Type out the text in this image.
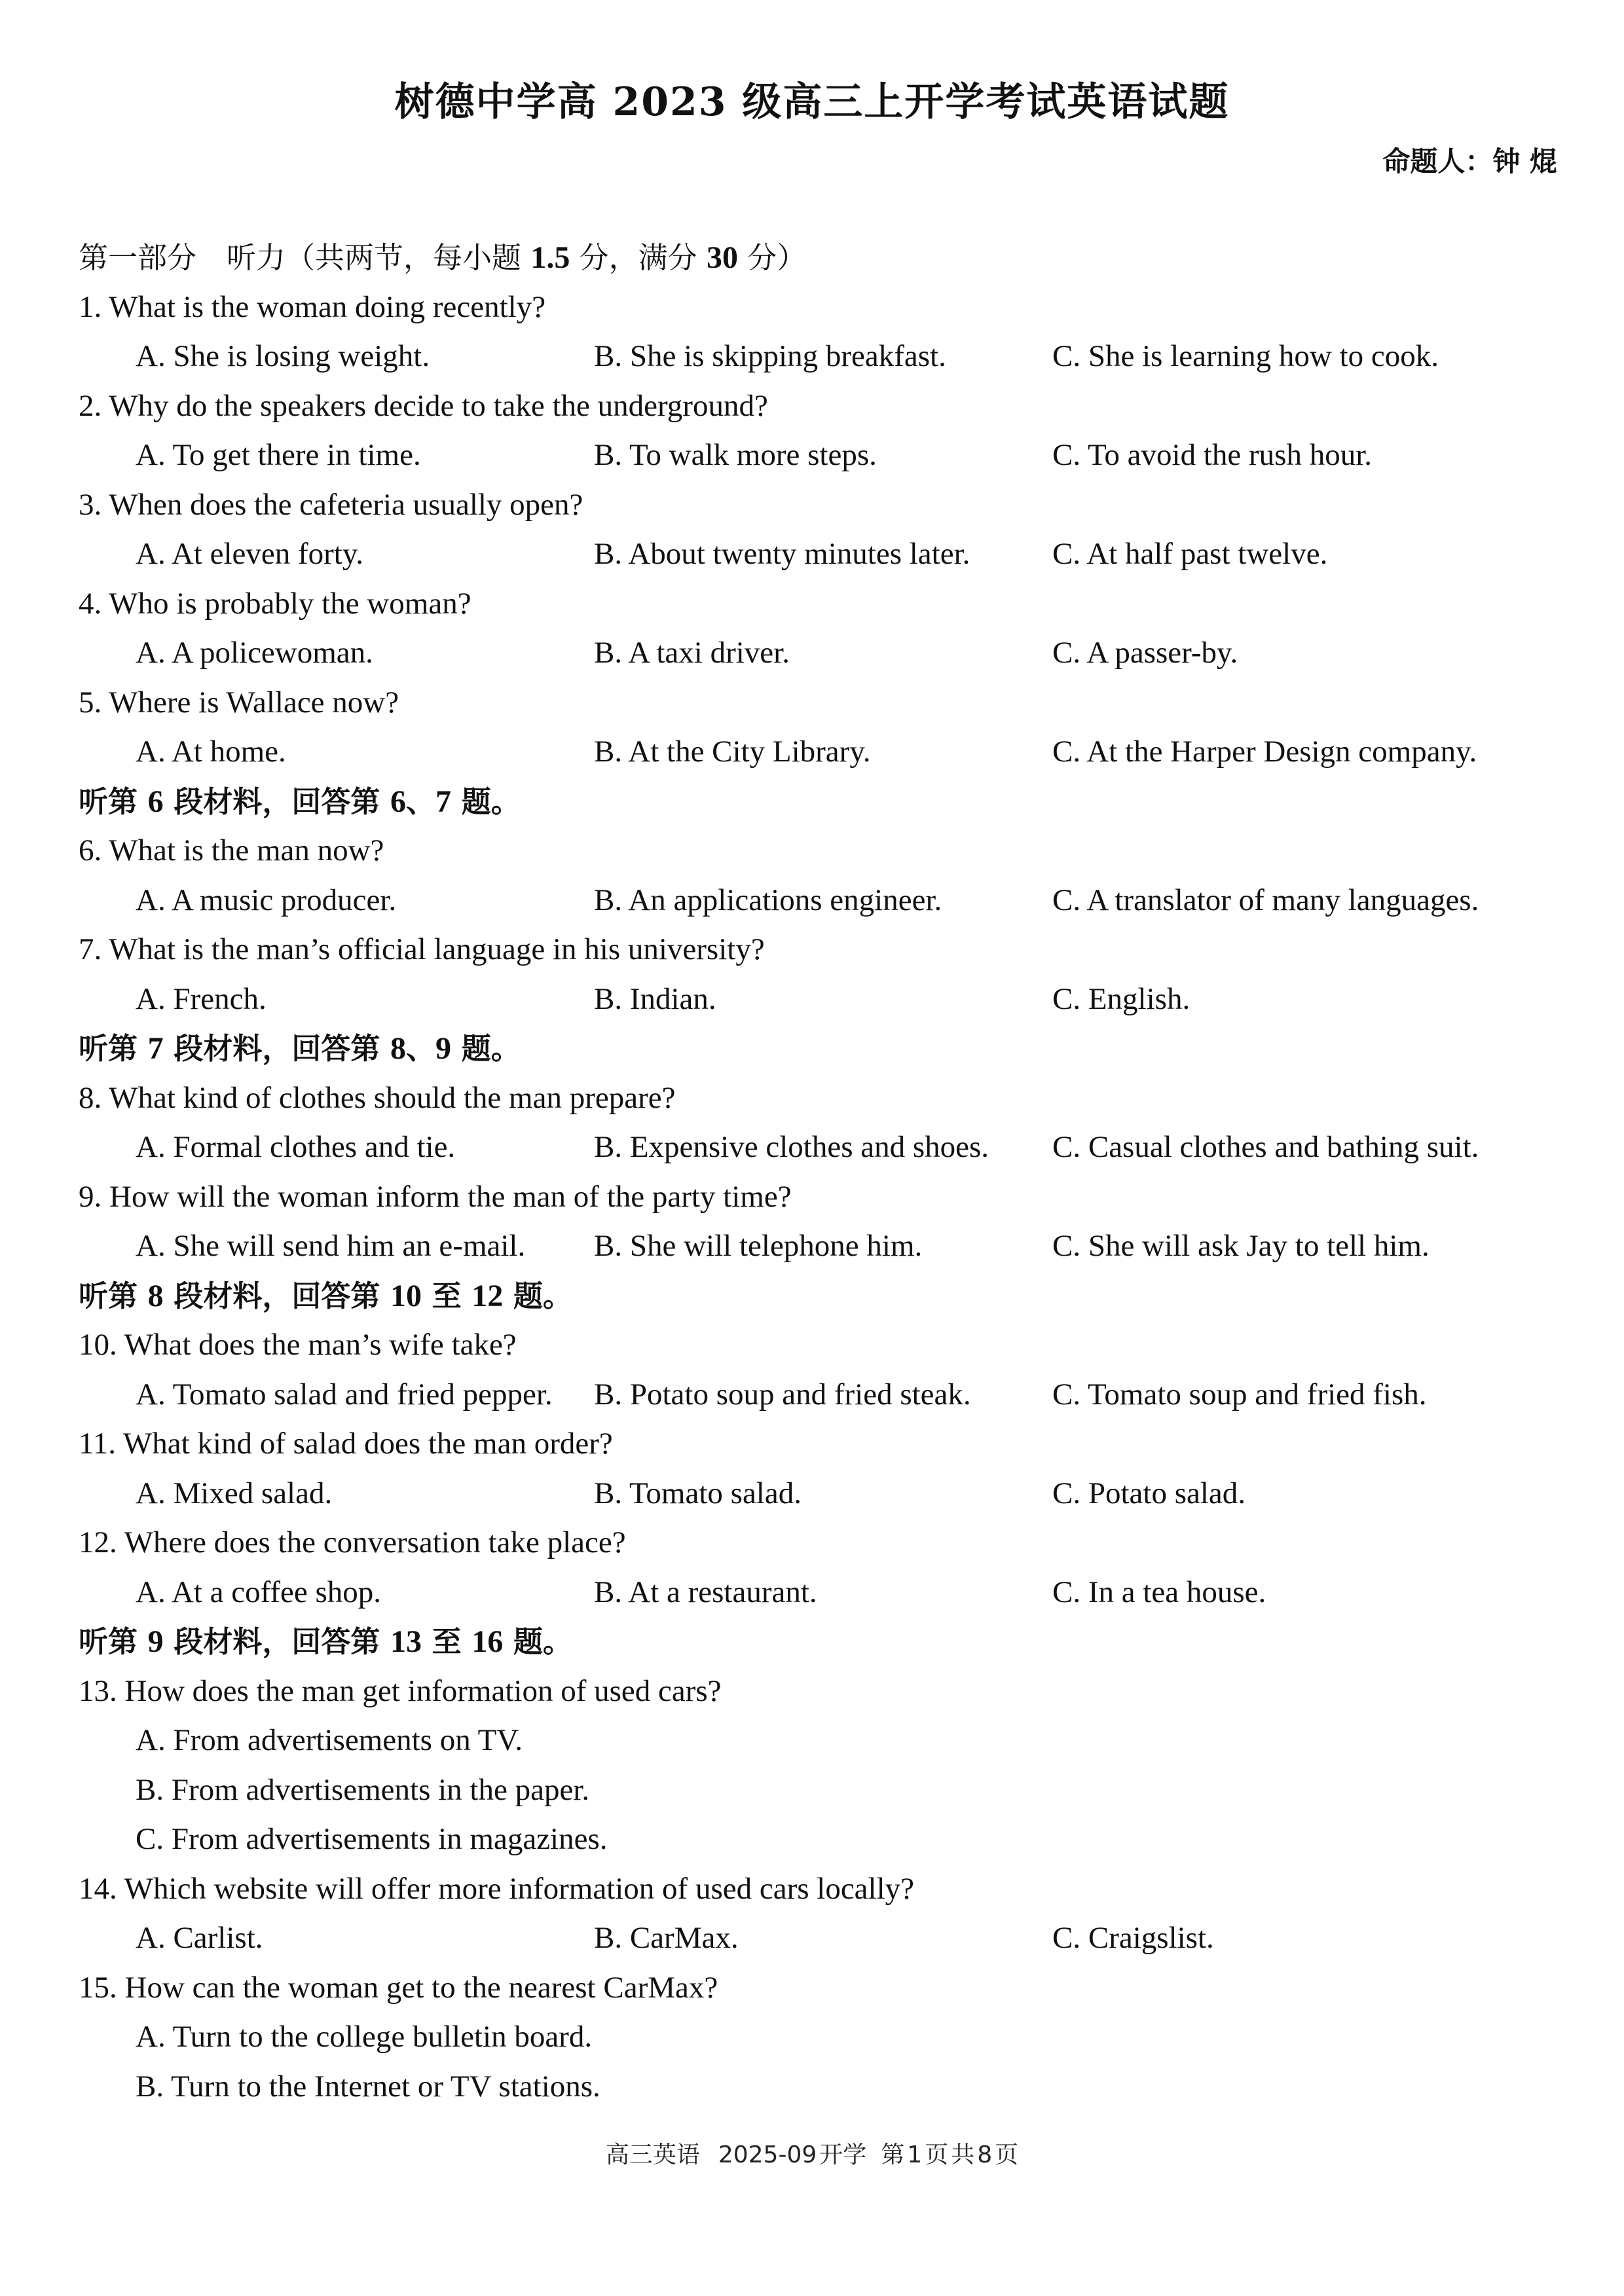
树德中学高 2023 级高三上开学考试英语试题
命题人：钟 焜
第一部分 听力（共两节，每小题 1.5 分，满分 30 分）
1. What is the woman doing recently?
A. She is losing weight.	B. She is skipping breakfast.	C. She is learning how to cook.
2. Why do the speakers decide to take the underground?
A. To get there in time.	B. To walk more steps.	C. To avoid the rush hour.
3. When does the cafeteria usually open?
A. At eleven forty.	B. About twenty minutes later.	C. At half past twelve.
4. Who is probably the woman?
A. A policewoman.	B. A taxi driver.	C. A passer-by.
5. Where is Wallace now?
A. At home.	B. At the City Library.	C. At the Harper Design company.
听第 6 段材料，回答第 6、7 题。
6. What is the man now?
A. A music producer.	B. An applications engineer.	C. A translator of many languages.
7. What is the man’s official language in his university?
A. French.	B. Indian.	C. English.
听第 7 段材料，回答第 8、9 题。
8. What kind of clothes should the man prepare?
A. Formal clothes and tie.	B. Expensive clothes and shoes. C. Casual clothes and bathing suit.
9. How will the woman inform the man of the party time?
A. She will send him an e-mail. B. She will telephone him.	C. She will ask Jay to tell him.
听第 8 段材料，回答第 10 至 12 题。
10. What does the man’s wife take?
A. Tomato salad and fried pepper. B. Potato soup and fried steak.	C. Tomato soup and fried fish.
11. What kind of salad does the man order?
A. Mixed salad.	B. Tomato salad.	C. Potato salad.
12. Where does the conversation take place?
A. At a coffee shop.	B. At a restaurant.	C. In a tea house.
听第 9 段材料，回答第 13 至 16 题。
13. How does the man get information of used cars?
A. From advertisements on TV.
B. From advertisements in the paper.
C. From advertisements in magazines.
14. Which website will offer more information of used cars locally?
A. Carlist.	B. CarMax.	C. Craigslist.
15. How can the woman get to the nearest CarMax?
A. Turn to the college bulletin board.
B. Turn to the Internet or TV stations.
高三英语 2025-09 开学 第 1 页 共 8 页
